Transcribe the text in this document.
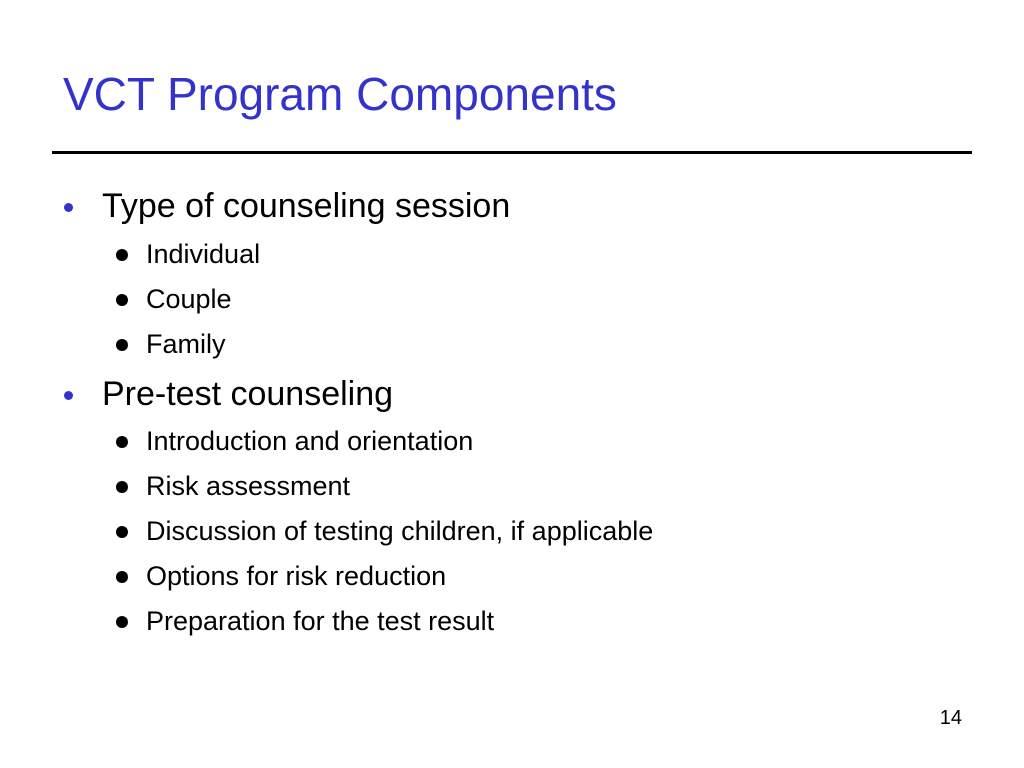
VCT Program Components
Type of counseling session
Individual
Couple
Family
Pre-test counseling
Introduction and orientation
Risk assessment
Discussion of testing children, if applicable
Options for risk reduction
Preparation for the test result
14
